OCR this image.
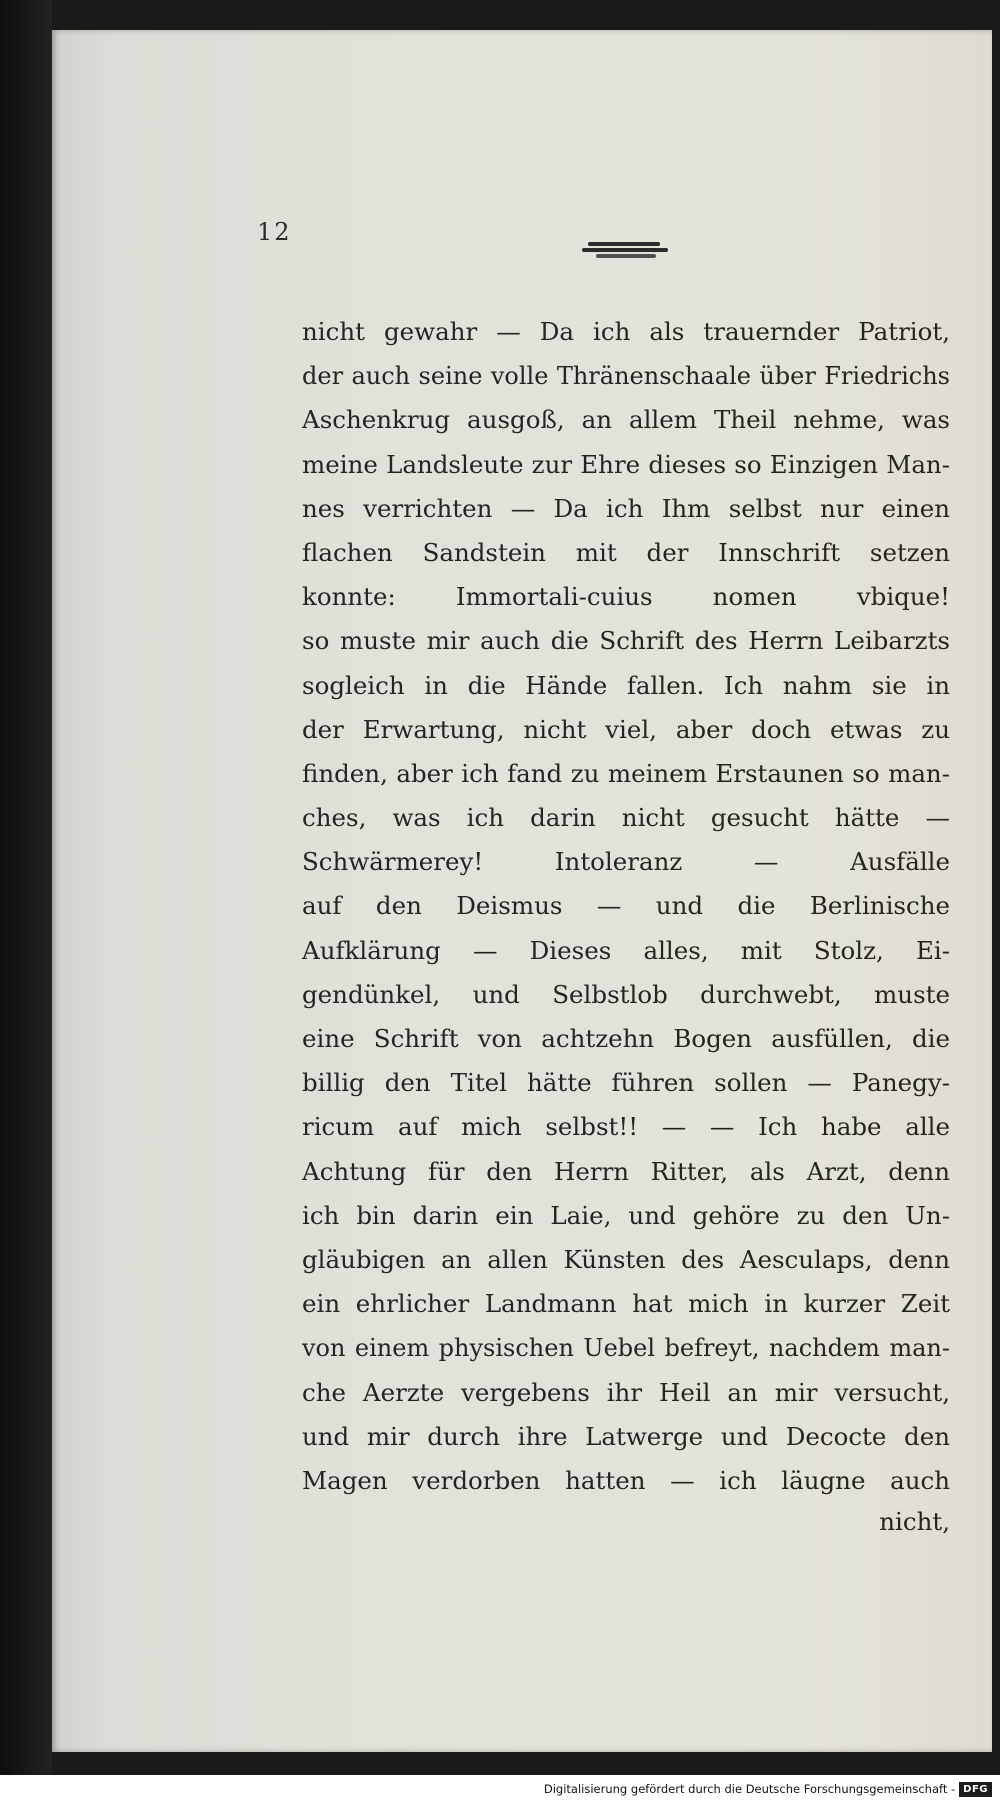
12
nicht gewahr — Da ich als trauernder Patriot,
der auch seine volle Thränenschaale über Friedrichs
Aschenkrug ausgoß, an allem Theil nehme, was
meine Landsleute zur Ehre dieses so Einzigen Man-
nes verrichten — Da ich Ihm selbst nur einen
flachen Sandstein mit der Innschrift setzen
konnte: Immortali-cuius nomen vbique!
so muste mir auch die Schrift des Herrn Leibarzts
sogleich in die Hände fallen. Ich nahm sie in
der Erwartung, nicht viel, aber doch etwas zu
finden, aber ich fand zu meinem Erstaunen so man-
ches, was ich darin nicht gesucht hätte —
Schwärmerey! Intoleranz — Ausfälle
auf den Deismus — und die Berlinische
Aufklärung — Dieses alles, mit Stolz, Ei-
gendünkel, und Selbstlob durchwebt, muste
eine Schrift von achtzehn Bogen ausfüllen, die
billig den Titel hätte führen sollen — Panegy-
ricum auf mich selbst!! — — Ich habe alle
Achtung für den Herrn Ritter, als Arzt, denn
ich bin darin ein Laie, und gehöre zu den Un-
gläubigen an allen Künsten des Aesculaps, denn
ein ehrlicher Landmann hat mich in kurzer Zeit
von einem physischen Uebel befreyt, nachdem man-
che Aerzte vergebens ihr Heil an mir versucht,
und mir durch ihre Latwerge und Decocte den
Magen verdorben hatten — ich läugne auch
nicht,
Digitalisierung gefördert durch die Deutsche Forschungsgemeinschaft - DFG
